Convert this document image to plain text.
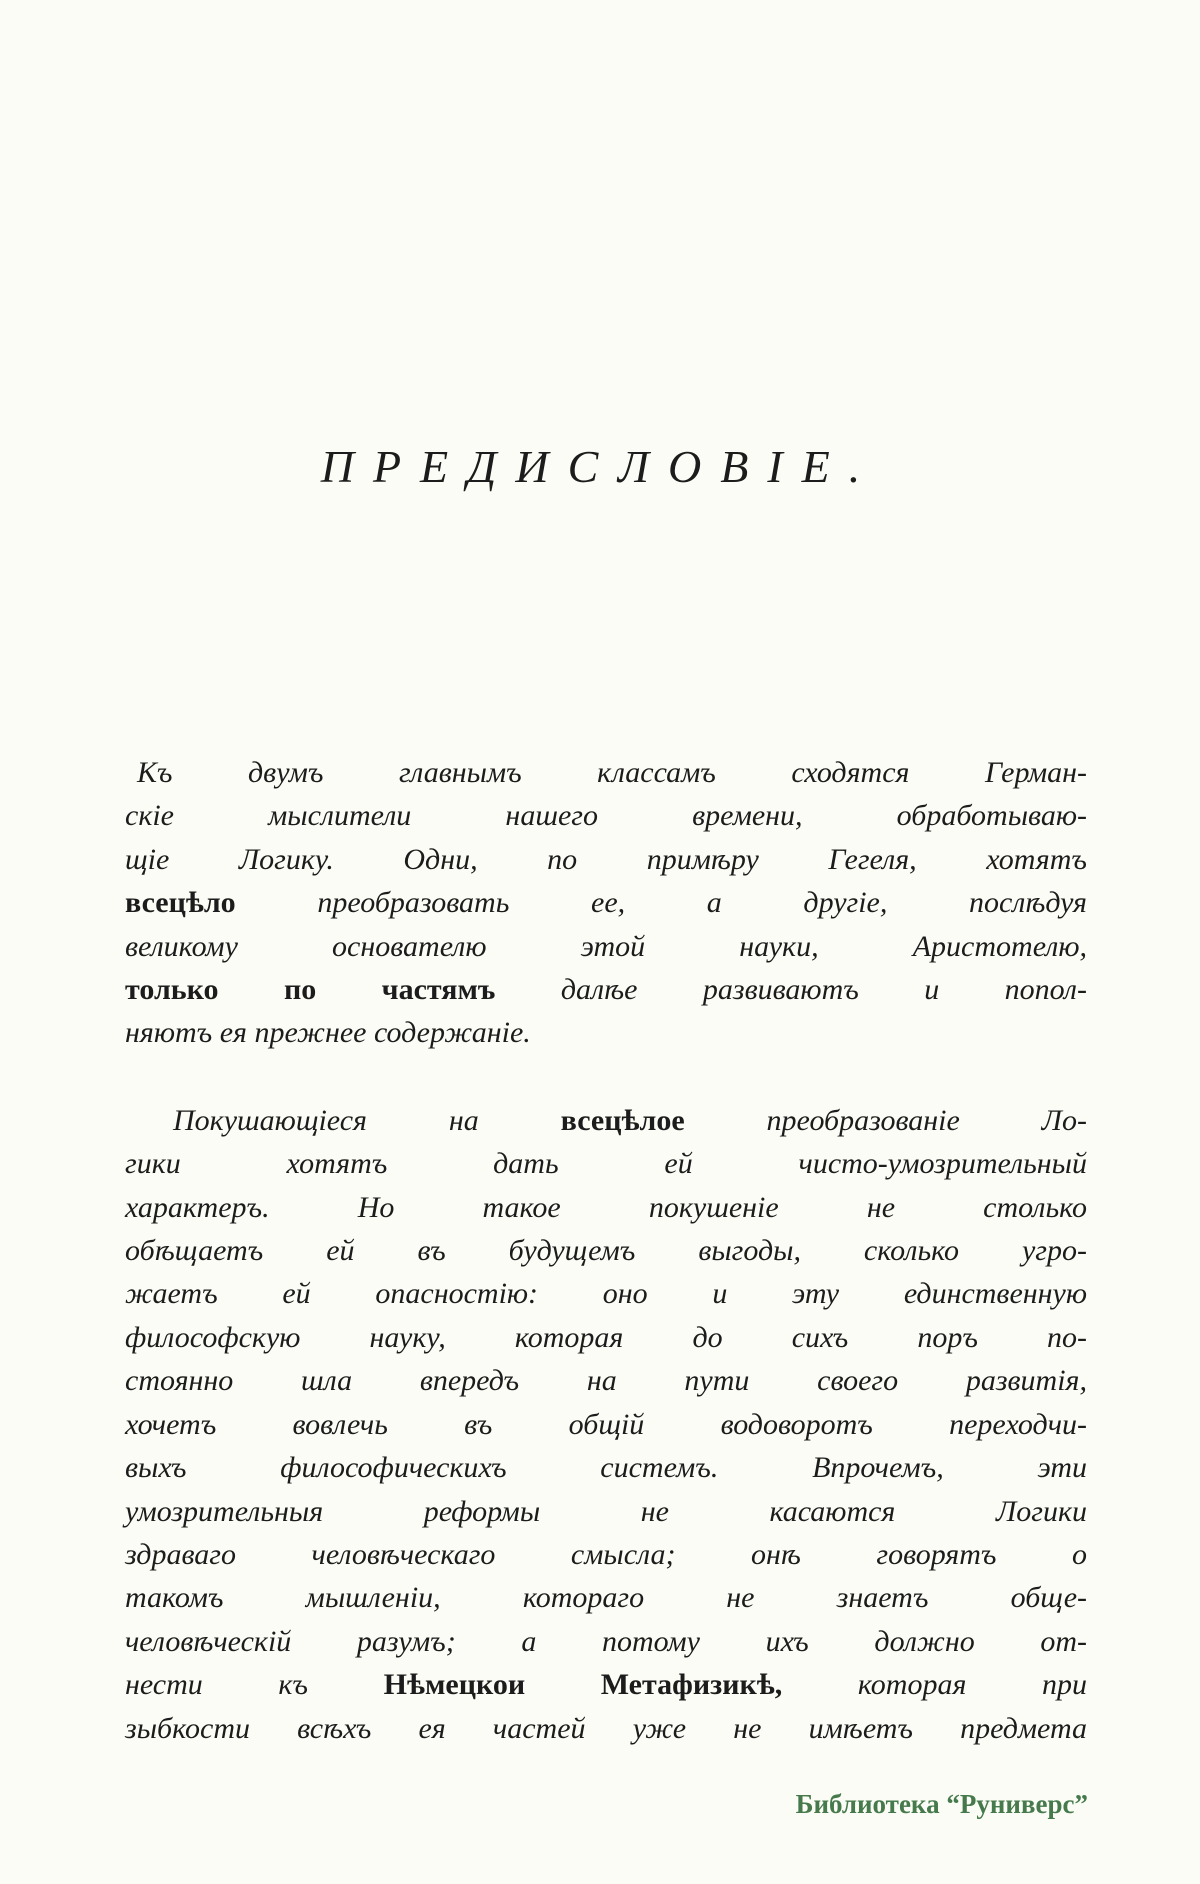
ПРЕДИСЛОВІЕ.
Къ двумъ главнымъ классамъ сходятся Герман-
скіе мыслители нашего времени, обработываю-
щіе Логику. Одни, по примѣру Гегеля, хотятъ
всецѣло преобразовать ее, а другіе, послѣдуя
великому основателю этой науки, Аристотелю,
только по частямъ далѣе развиваютъ и попол-
няютъ ея прежнее содержаніе.
Покушающіеся на всецѣлое преобразованіе Ло-
гики хотятъ дать ей чисто-умозрительный
характеръ. Но такое покушеніе не столько
обѣщаетъ ей въ будущемъ выгоды, сколько угро-
жаетъ ей опасностію: оно и эту единственную
философскую науку, которая до сихъ поръ по-
стоянно шла впередъ на пути своего развитія,
хочетъ вовлечь въ общій водоворотъ переходчи-
выхъ философическихъ системъ. Впрочемъ, эти
умозрительныя реформы не касаются Логики
здраваго человѣческаго смысла; онѣ говорятъ о
такомъ мышленіи, котораго не знаетъ обще-
человѣческій разумъ; а потому ихъ должно от-
нести къ Нѣмецкои Метафизикѣ, которая при
зыбкости всѣхъ ея частей уже не имѣетъ предмета
Библиотека “Руниверс”
